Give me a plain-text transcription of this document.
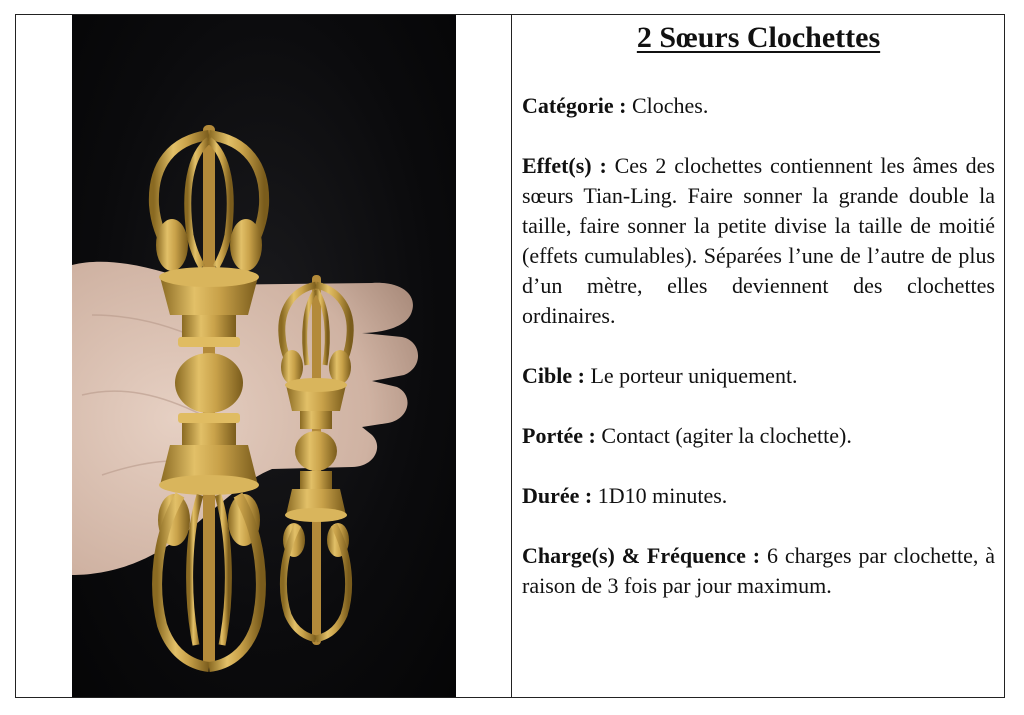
2 Sœurs Clochettes

Catégorie : Cloches.

Effet(s) : Ces 2 clochettes contiennent les âmes des sœurs Tian-Ling. Faire sonner la grande double la taille, faire sonner la petite divise la taille de moitié (effets cumulables). Séparées l’une de l’autre de plus d’un mètre, elles deviennent des clochettes ordinaires.

Cible : Le porteur uniquement.

Portée : Contact (agiter la clochette).

Durée : 1D10 minutes.

Charge(s) & Fréquence : 6 charges par clochette, à raison de 3 fois par jour maximum.
